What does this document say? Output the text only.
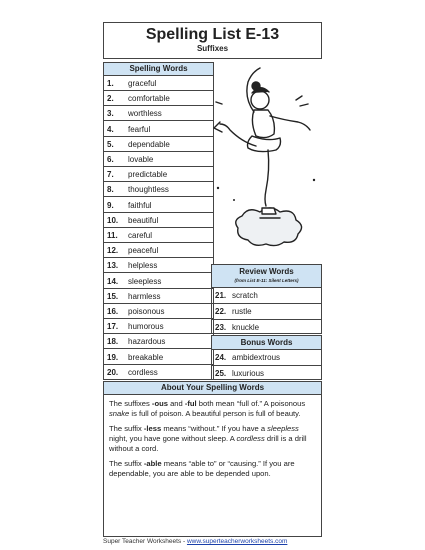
Spelling List E-13
Suffixes
Spelling Words
1. graceful
2. comfortable
3. worthless
4. fearful
5. dependable
6. lovable
7. predictable
8. thoughtless
9. faithful
10. beautiful
11. careful
12. peaceful
13. helpless
14. sleepless
15. harmless
16. poisonous
17. humorous
18. hazardous
19. breakable
20. cordless
Review Words
(from List E-11: Silent Letters)
21. scratch
22. rustle
23. knuckle
Bonus Words
24. ambidextrous
25. luxurious
About Your Spelling Words

The suffixes -ous and -ful both mean “full of.” A poisonous snake is full of poison. A beautiful person is full of beauty.

The suffix -less means “without.” If you have a sleepless night, you have gone without sleep. A cordless drill is a drill without a cord.

The suffix -able means “able to” or “causing.” If you are dependable, you are able to be depended upon.

Super Teacher Worksheets - www.superteacherworksheets.com
